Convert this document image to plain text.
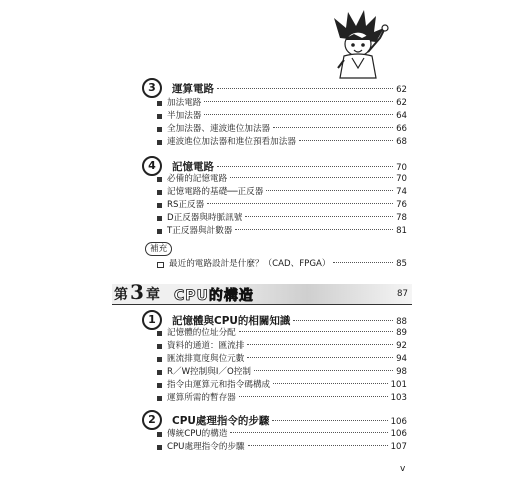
3	運算電路	62
加法電路	62
半加法器	64
全加法器、連波進位加法器	66
連波進位加法器和進位預看加法器	68
4	記憶電路	70
必備的記憶電路	70
記憶電路的基礎──正反器	74
RS正反器	76
D正反器與時脈訊號	78
T正反器與計數器	81
補充
最近的電路設計是什麼？（CAD、FPGA）	85
第 3 章 CPU的構造	87
1	記憶體與CPU的相關知識	88
記憶體的位址分配	89
資料的通道：匯流排	92
匯流排寬度與位元數	94
R／W控制與I／O控制	98
指令由運算元和指令碼構成	101
運算所需的暫存器	103
2	CPU處理指令的步驟	106
傳統CPU的構造	106
CPU處理指令的步驟	107
v
